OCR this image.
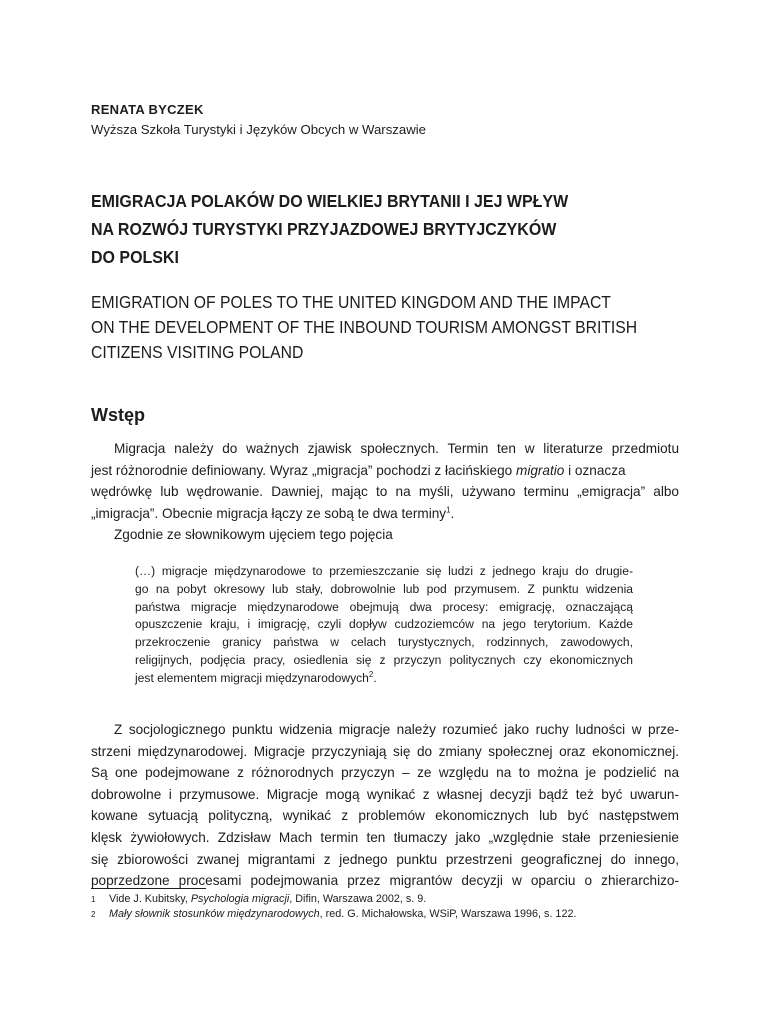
RENATA BYCZEK
Wyższa Szkoła Turystyki i Języków Obcych w Warszawie
EMIGRACJA POLAKÓW DO WIELKIEJ BRYTANII I JEJ WPŁYW
NA ROZWÓJ TURYSTYKI PRZYJAZDOWEJ BRYTYJCZYKÓW
DO POLSKI
EMIGRATION OF POLES TO THE UNITED KINGDOM AND THE IMPACT
ON THE DEVELOPMENT OF THE INBOUND TOURISM AMONGST BRITISH
CITIZENS VISITING POLAND
Wstęp
Migracja należy do ważnych zjawisk społecznych. Termin ten w literaturze przedmiotu
jest różnorodnie definiowany. Wyraz „migracja” pochodzi z łacińskiego migratio i oznacza
wędrówkę lub wędrowanie. Dawniej, mając to na myśli, używano terminu „emigracja” albo
„imigracja”. Obecnie migracja łączy ze sobą te dwa terminy$^1$.
Zgodnie ze słownikowym ujęciem tego pojęcia
(…) migracje międzynarodowe to przemieszczanie się ludzi z jednego kraju do drugie-
go na pobyt okresowy lub stały, dobrowolnie lub pod przymusem. Z punktu widzenia
państwa migracje międzynarodowe obejmują dwa procesy: emigrację, oznaczającą
opuszczenie kraju, i imigrację, czyli dopływ cudzoziemców na jego terytorium. Każde
przekroczenie granicy państwa w celach turystycznych, rodzinnych, zawodowych,
religijnych, podjęcia pracy, osiedlenia się z przyczyn politycznych czy ekonomicznych
jest elementem migracji międzynarodowych$^2$.
Z socjologicznego punktu widzenia migracje należy rozumieć jako ruchy ludności w prze-
strzeni międzynarodowej. Migracje przyczyniają się do zmiany społecznej oraz ekonomicznej.
Są one podejmowane z różnorodnych przyczyn – ze względu na to można je podzielić na
dobrowolne i przymusowe. Migracje mogą wynikać z własnej decyzji bądź też być uwarun-
kowane sytuacją polityczną, wynikać z problemów ekonomicznych lub być następstwem
klęsk żywiołowych. Zdzisław Mach termin ten tłumaczy jako „względnie stałe przeniesienie
się zbiorowości zwanej migrantami z jednego punktu przestrzeni geograficznej do innego,
poprzedzone procesami podejmowania przez migrantów decyzji w oparciu o zhierarchizo-
1 Vide J. Kubitsky, Psychologia migracji, Difin, Warszawa 2002, s. 9.
2 Mały słownik stosunków międzynarodowych, red. G. Michałowska, WSiP, Warszawa 1996, s. 122.
